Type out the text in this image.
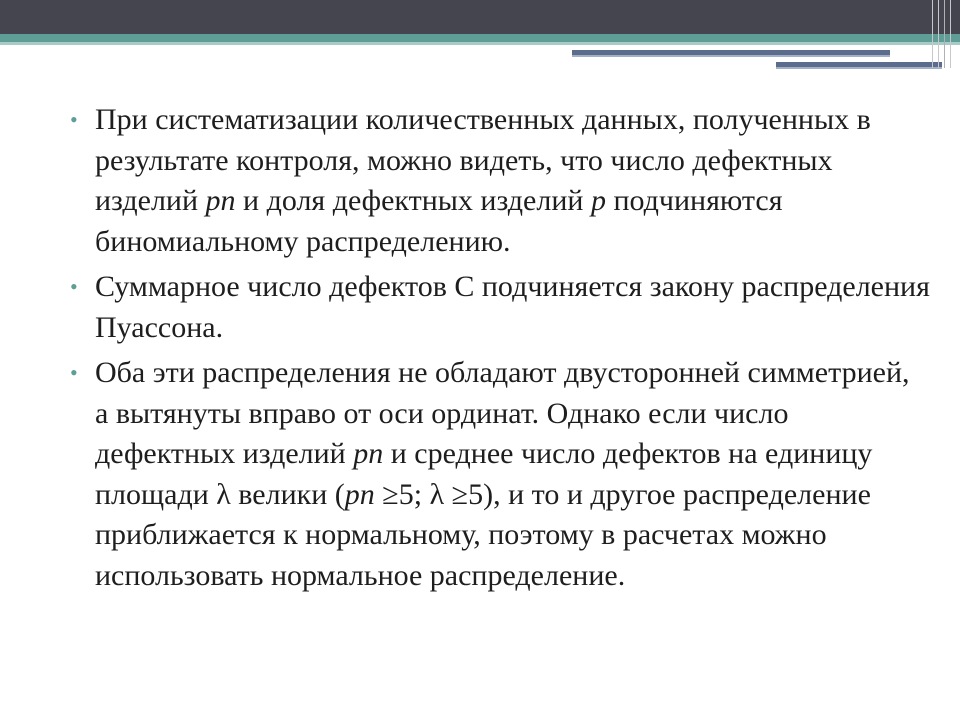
• При систематизации количественных данных, полученных в результате контроля, можно видеть, что число дефектных изделий pn и доля дефектных изделий p подчиняются биномиальному распределению.
• Суммарное число дефектов С подчиняется закону распределения Пуассона.
• Оба эти распределения не обладают двусторонней симметрией, а вытянуты вправо от оси ординат. Однако если число дефектных изделий pn и среднее число дефектов на единицу площади λ велики (pn ≥5; λ ≥5), и то и другое распределение приближается к нормальному, поэтому в расчетах можно использовать нормальное распределение.
